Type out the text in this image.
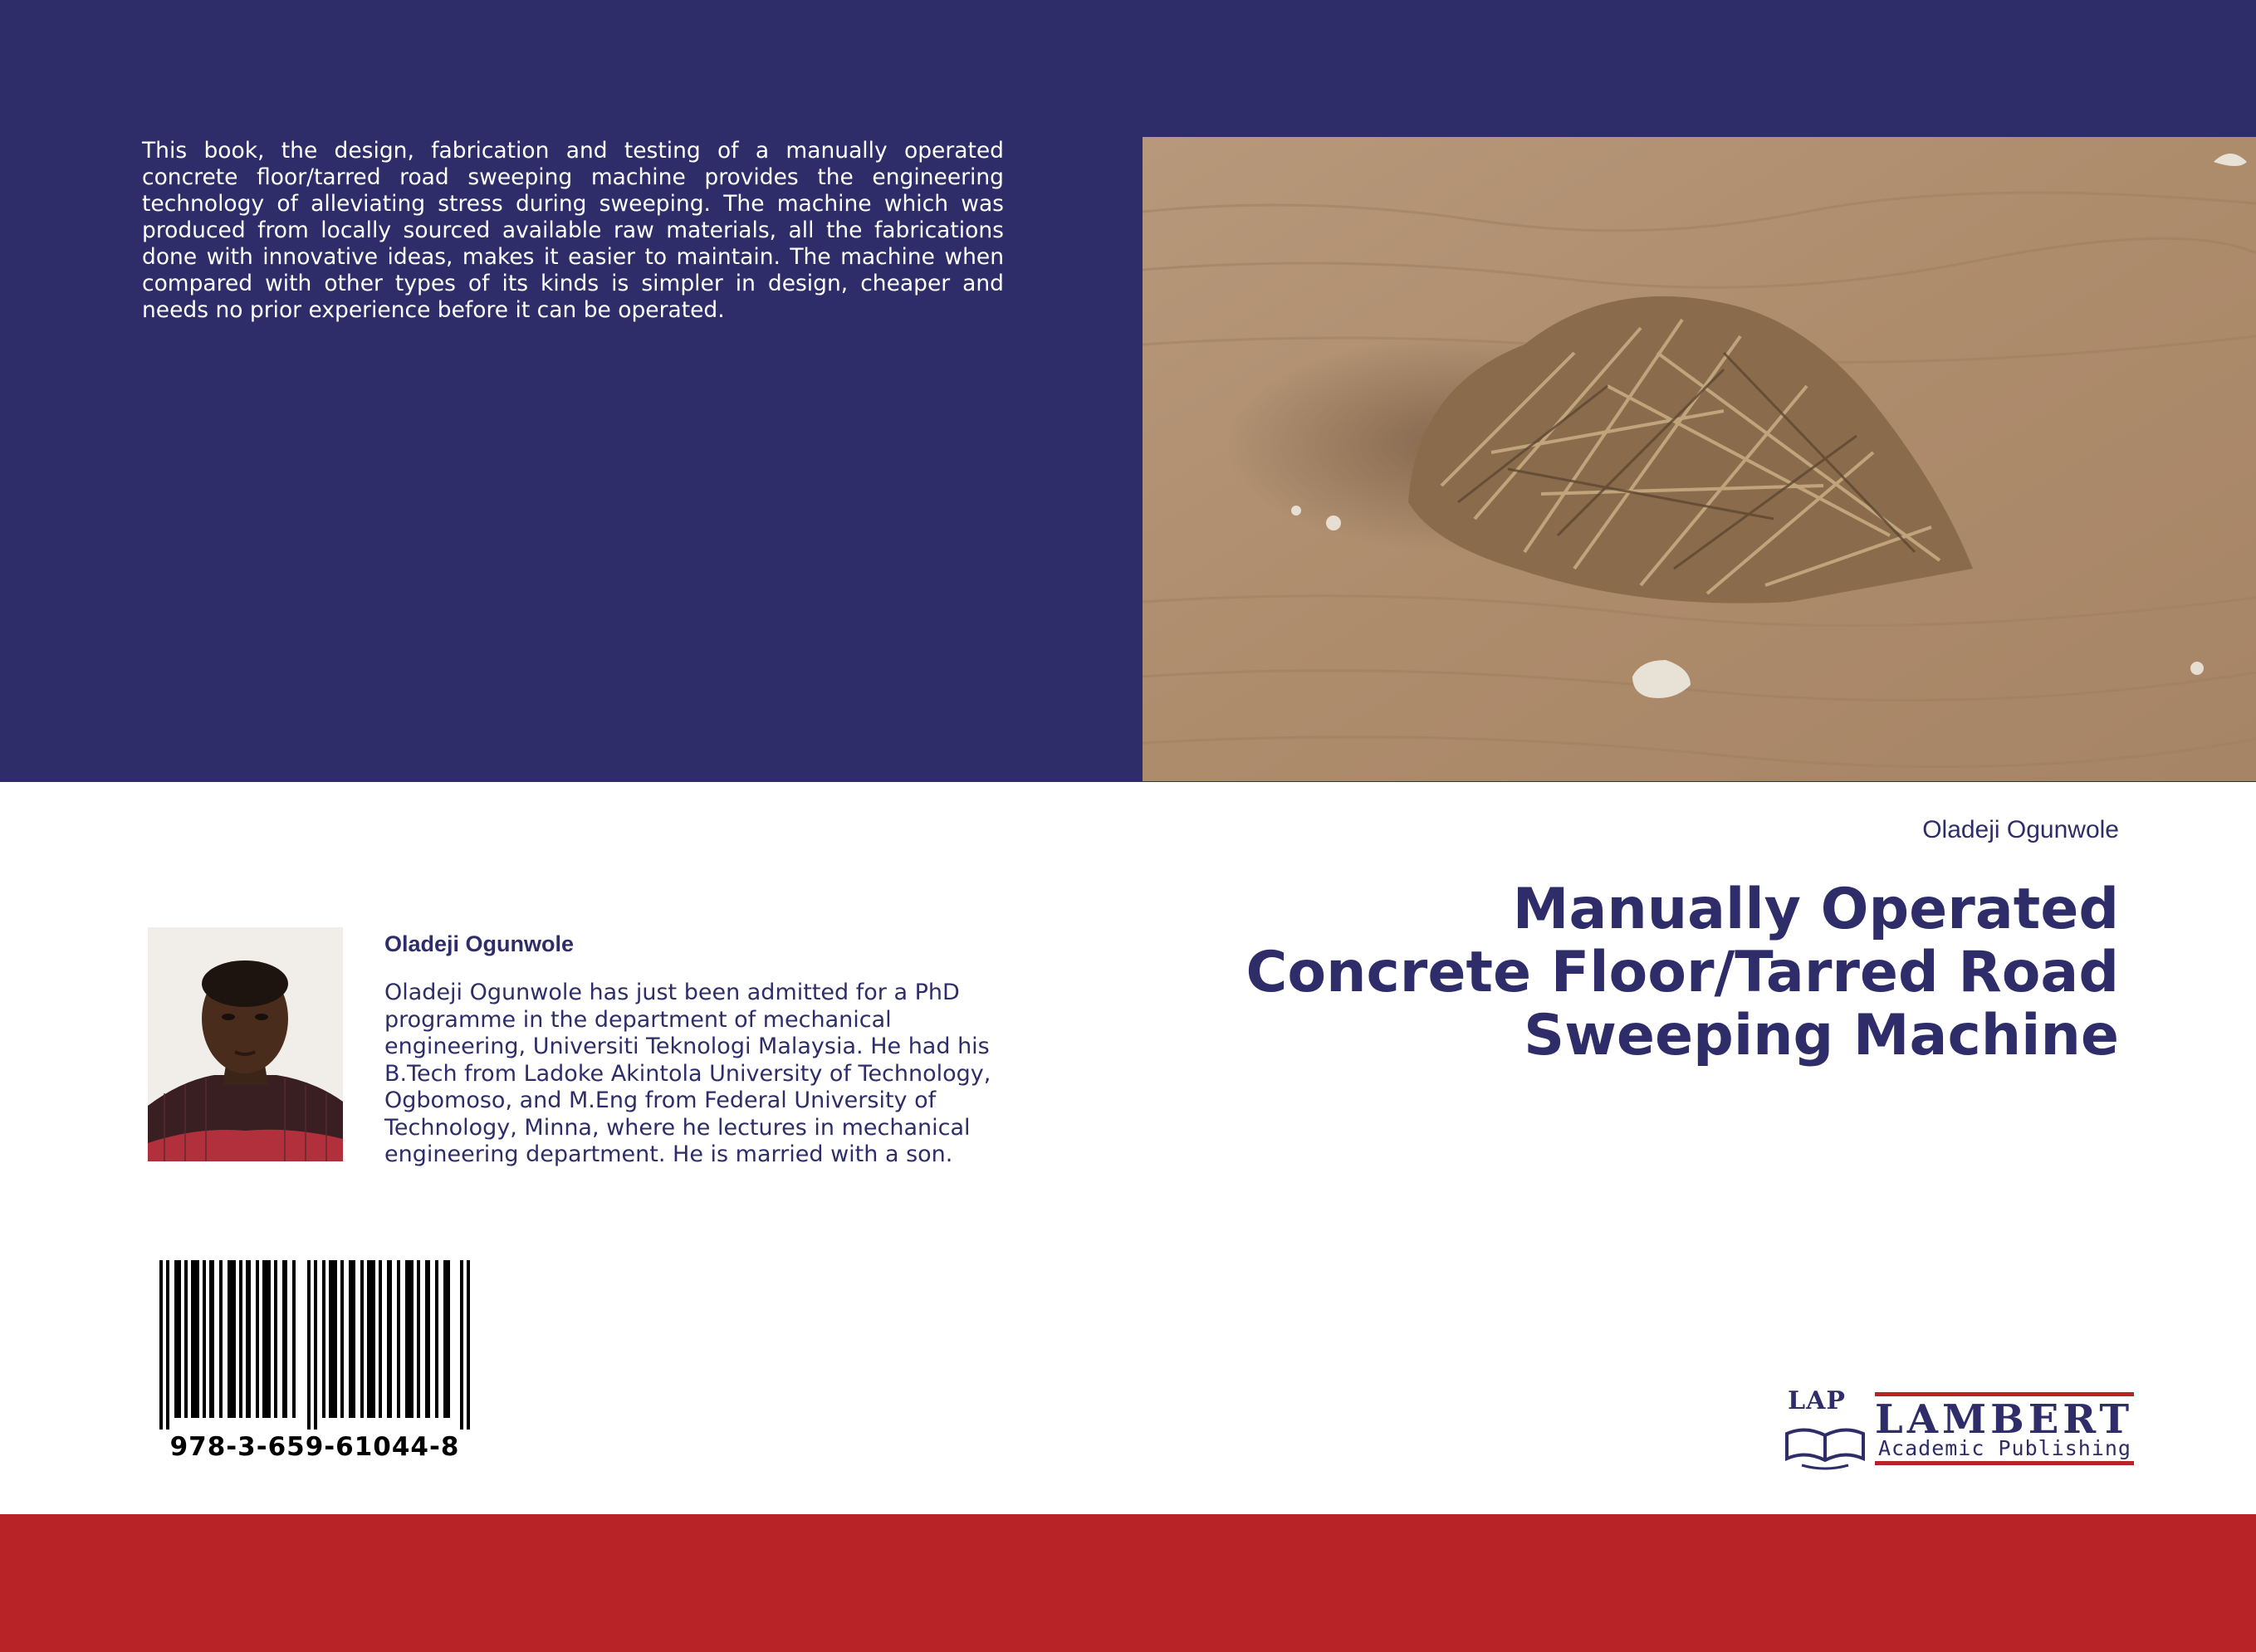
This book, the design, fabrication and testing of a manually operated concrete floor/tarred road sweeping machine provides the engineering technology of alleviating stress during sweeping. The machine which was produced from locally sourced available raw materials, all the fabrications done with innovative ideas, makes it easier to maintain. The machine when compared with other types of its kinds is simpler in design, cheaper and needs no prior experience before it can be operated.

Oladeji Ogunwole
Manually Operated
Concrete Floor/Tarred Road
Sweeping Machine
Oladeji Ogunwole

Oladeji Ogunwole has just been admitted for a PhD programme in the department of mechanical engineering, Universiti Teknologi Malaysia. He had his B.Tech from Ladoke Akintola University of Technology, Ogbomoso, and M.Eng from Federal University of Technology, Minna, where he lectures in mechanical engineering department. He is married with a son.

978-3-659-61044-8
LAP LAMBERT
Academic Publishing
